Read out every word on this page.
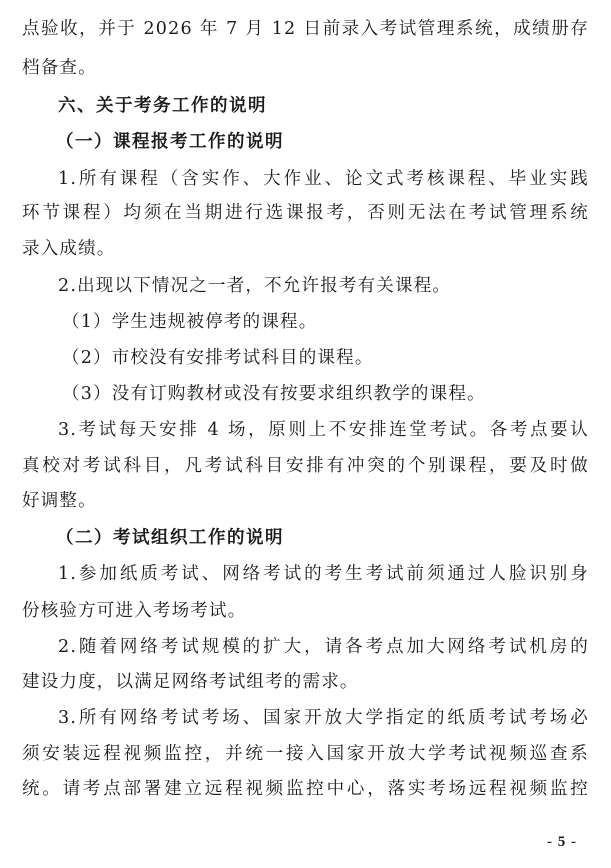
点验收，并于 2026 年 7 月 12 日前录入考试管理系统，成绩册存
档备查。
六、关于考务工作的说明
（一）课程报考工作的说明
1.所有课程（含实作、大作业、论文式考核课程、毕业实践
环节课程）均须在当期进行选课报考，否则无法在考试管理系统
录入成绩。
2.出现以下情况之一者，不允许报考有关课程。
（1）学生违规被停考的课程。
（2）市校没有安排考试科目的课程。
（3）没有订购教材或没有按要求组织教学的课程。
3.考试每天安排 4 场，原则上不安排连堂考试。各考点要认
真校对考试科目，凡考试科目安排有冲突的个别课程，要及时做
好调整。
（二）考试组织工作的说明
1.参加纸质考试、网络考试的考生考试前须通过人脸识别身
份核验方可进入考场考试。
2.随着网络考试规模的扩大，请各考点加大网络考试机房的
建设力度，以满足网络考试组考的需求。
3.所有网络考试考场、国家开放大学指定的纸质考试考场必
须安装远程视频监控，并统一接入国家开放大学考试视频巡查系
- 5 -
统。请考点部署建立远程视频监控中心，落实考场远程视频监控
